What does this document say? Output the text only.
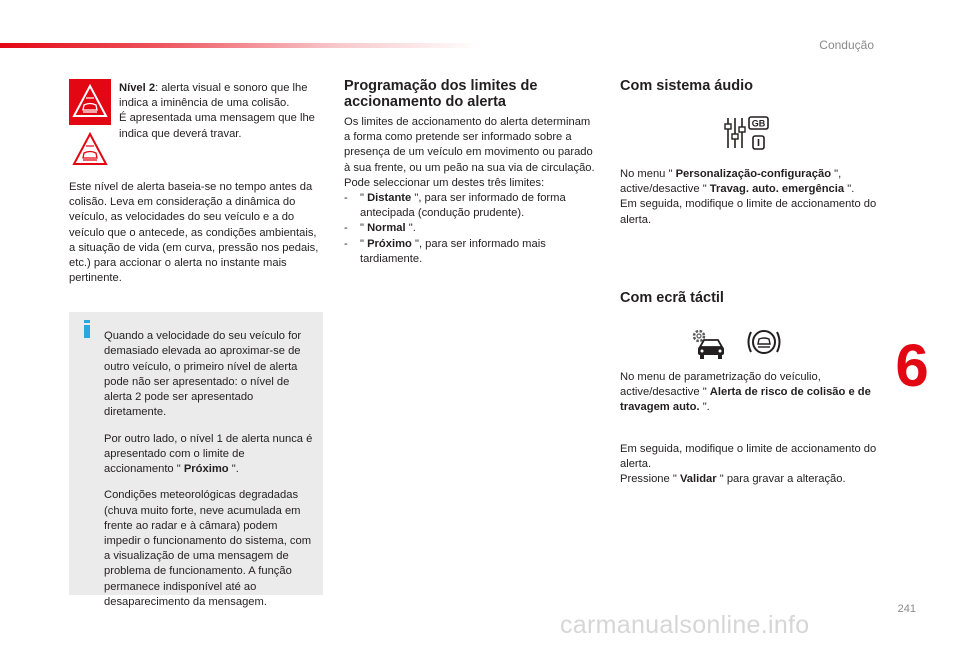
Condução
6

Nível 2: alerta visual e sonoro que lhe indica a iminência de uma colisão.

É apresentada uma mensagem que lhe indica que deverá travar.

Este nível de alerta baseia-se no tempo antes da colisão. Leva em consideração a dinâmica do veículo, as velocidades do seu veículo e a do veículo que o antecede, as condições ambientais, a situação de vida (em curva, pressão nos pedais, etc.) para accionar o alerta no instante mais pertinente.

Quando a velocidade do seu veículo for demasiado elevada ao aproximar-se de outro veículo, o primeiro nível de alerta pode não ser apresentado: o nível de alerta 2 pode ser apresentado diretamente.

Por outro lado, o nível 1 de alerta nunca é apresentado com o limite de accionamento " Próximo ".

Condições meteorológicas degradadas (chuva muito forte, neve acumulada em frente ao radar e à câmara) podem impedir o funcionamento do sistema, com a visualização de uma mensagem de problema de funcionamento. A função permanece indisponível até ao desaparecimento da mensagem.

Programação dos limites de accionamento do alerta

Os limites de accionamento do alerta determinam a forma como pretende ser informado sobre a presença de um veículo em movimento ou parado à sua frente, ou um peão na sua via de circulação.

Pode seleccionar um destes três limites:

- " Distante ", para ser informado de forma antecipada (condução prudente).

- " Normal ".

- " Próximo ", para ser informado mais tardiamente.

Com sistema áudio
GB

No menu " Personalização-configuração ", active/desactive " Travag. auto. emergência ".

Em seguida, modifique o limite de accionamento do alerta.

Com ecrã táctil
No menu de parametrização do veículio, active/desactive " Alerta de risco de colisão e de travagem auto. ".

Em seguida, modifique o limite de accionamento do alerta.

Pressione " Validar " para gravar a alteração.

241
carmanualsonline.info
